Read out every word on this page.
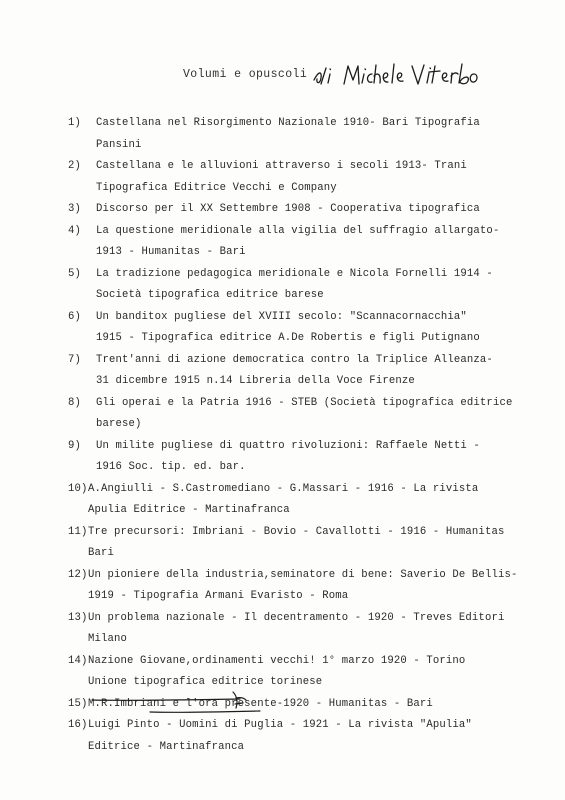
Volumi e opuscoli
1) Castellana nel Risorgimento Nazionale 1910- Bari Tipografia
Pansini
2) Castellana e le alluvioni attraverso i secoli 1913- Trani
Tipografica Editrice Vecchi e Company
3) Discorso per il XX Settembre 1908 - Cooperativa tipografica
4) La questione meridionale alla vigilia del suffragio allargato-
1913 - Humanitas - Bari
5) La tradizione pedagogica meridionale e Nicola Fornelli 1914 -
Società tipografica editrice barese
6) Un banditox pugliese del XVIII secolo: "Scannacornacchia"
1915 - Tipografica editrice A.De Robertis e figli Putignano
7) Trent'anni di azione democratica contro la Triplice Alleanza-
31 dicembre 1915 n.14 Libreria della Voce Firenze
8) Gli operai e la Patria 1916 - STEB (Società tipografica editrice
barese)
9) Un milite pugliese di quattro rivoluzioni: Raffaele Netti -
1916 Soc. tip. ed. bar.
10) A.Angiulli - S.Castromediano - G.Massari - 1916 - La rivista
Apulia Editrice - Martinafranca
11) Tre precursori: Imbriani - Bovio - Cavallotti - 1916 - Humanitas
Bari
12) Un pioniere della industria,seminatore di bene: Saverio De Bellis-
1919 - Tipografia Armani Evaristo - Roma
13) Un problema nazionale - Il decentramento - 1920 - Treves Editori
Milano
14) Nazione Giovane,ordinamenti vecchi! 1° marzo 1920 - Torino
Unione tipografica editrice torinese
15) M.R.Imbriani e l'ora presente-1920 - Humanitas - Bari
16) Luigi Pinto - Uomini di Puglia - 1921 - La rivista "Apulia"
Editrice - Martinafranca
